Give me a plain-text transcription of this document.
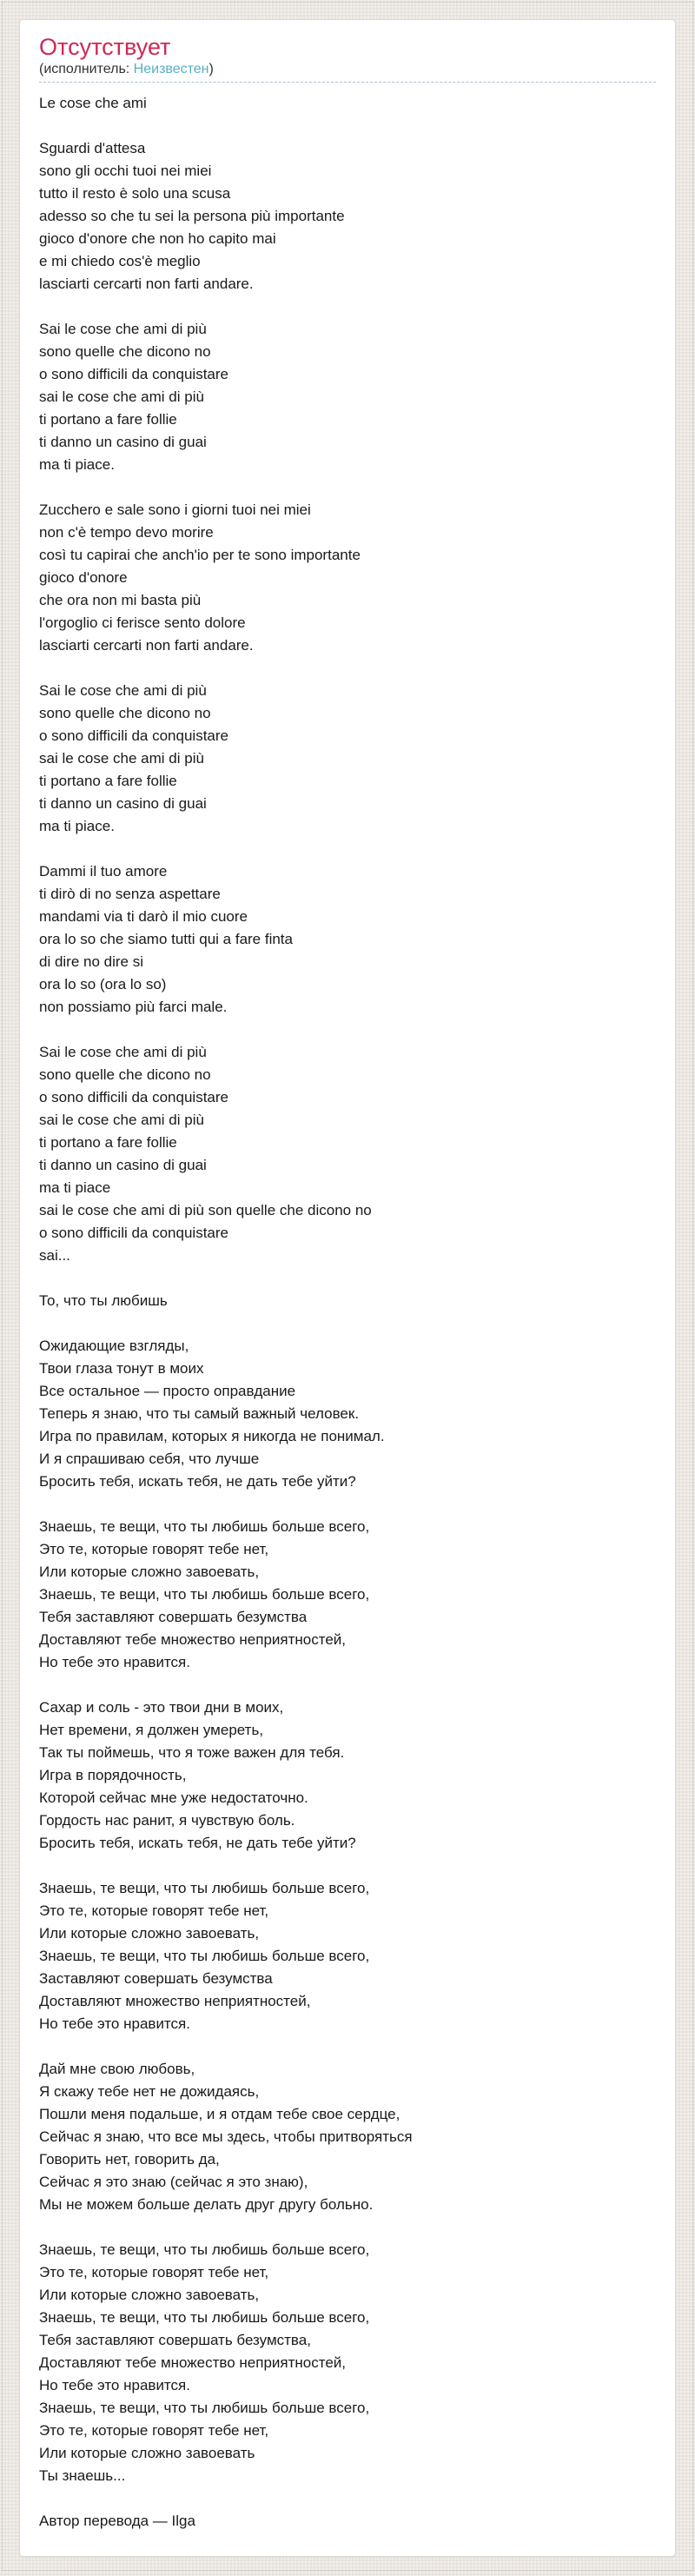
Отсутствует
(исполнитель: Неизвестен)
Le cose che ami
Sguardi d'attesa
sono gli occhi tuoi nei miei
tutto il resto è solo una scusa
adesso so che tu sei la persona più importante
gioco d'onore che non ho capito mai
e mi chiedo cos'è meglio
lasciarti cercarti non farti andare.
Sai le cose che ami di più
sono quelle che dicono no
o sono difficili da conquistare
sai le cose che ami di più
ti portano a fare follie
ti danno un casino di guai
ma ti piace.
Zucchero e sale sono i giorni tuoi nei miei
non c'è tempo devo morire
così tu capirai che anch'io per te sono importante
gioco d'onore
che ora non mi basta più
l'orgoglio ci ferisce sento dolore
lasciarti cercarti non farti andare.
Sai le cose che ami di più
sono quelle che dicono no
o sono difficili da conquistare
sai le cose che ami di più
ti portano a fare follie
ti danno un casino di guai
ma ti piace.
Dammi il tuo amore
ti dirò di no senza aspettare
mandami via ti darò il mio cuore
ora lo so che siamo tutti qui a fare finta
di dire no dire si
ora lo so (ora lo so)
non possiamo più farci male.
Sai le cose che ami di più
sono quelle che dicono no
o sono difficili da conquistare
sai le cose che ami di più
ti portano a fare follie
ti danno un casino di guai
ma ti piace
sai le cose che ami di più son quelle che dicono no
o sono difficili da conquistare
sai...
То, что ты любишь
Ожидающие взгляды,
Твои глаза тонут в моих
Все остальное — просто оправдание
Теперь я знаю, что ты самый важный человек.
Игра по правилам, которых я никогда не понимал.
И я спрашиваю себя, что лучше
Бросить тебя, искать тебя, не дать тебе уйти?
Знаешь, те вещи, что ты любишь больше всего,
Это те, которые говорят тебе нет,
Или которые сложно завоевать,
Знаешь, те вещи, что ты любишь больше всего,
Тебя заставляют совершать безумства
Доставляют тебе множество неприятностей,
Но тебе это нравится.
Сахар и соль - это твои дни в моих,
Нет времени, я должен умереть,
Так ты поймешь, что я тоже важен для тебя.
Игра в порядочность,
Которой сейчас мне уже недостаточно.
Гордость нас ранит, я чувствую боль.
Бросить тебя, искать тебя, не дать тебе уйти?
Знаешь, те вещи, что ты любишь больше всего,
Это те, которые говорят тебе нет,
Или которые сложно завоевать,
Знаешь, те вещи, что ты любишь больше всего,
Заставляют совершать безумства
Доставляют множество неприятностей,
Но тебе это нравится.
Дай мне свою любовь,
Я скажу тебе нет не дожидаясь,
Пошли меня подальше, и я отдам тебе свое сердце,
Сейчас я знаю, что все мы здесь, чтобы притворяться
Говорить нет, говорить да,
Сейчас я это знаю (сейчас я это знаю),
Мы не можем больше делать друг другу больно.
Знаешь, те вещи, что ты любишь больше всего,
Это те, которые говорят тебе нет,
Или которые сложно завоевать,
Знаешь, те вещи, что ты любишь больше всего,
Тебя заставляют совершать безумства,
Доставляют тебе множество неприятностей,
Но тебе это нравится.
Знаешь, те вещи, что ты любишь больше всего,
Это те, которые говорят тебе нет,
Или которые сложно завоевать
Ты знаешь...
Автор перевода — Ilga
